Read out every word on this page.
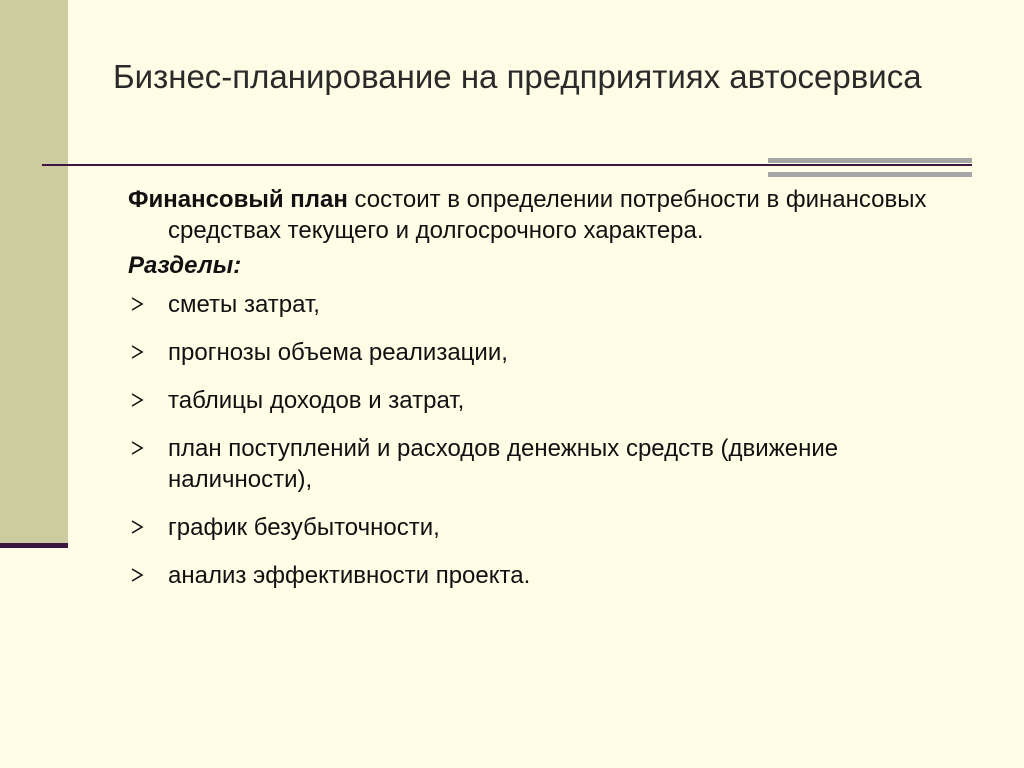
Бизнес-планирование на предприятиях автосервиса

Финансовый план состоит в определении потребности в финансовых средствах текущего и долгосрочного характера.

Разделы:

сметы затрат,
прогнозы объема реализации,
таблицы доходов и затрат,
план поступлений и расходов денежных средств (движение наличности),
график безубыточности,
анализ эффективности проекта.
